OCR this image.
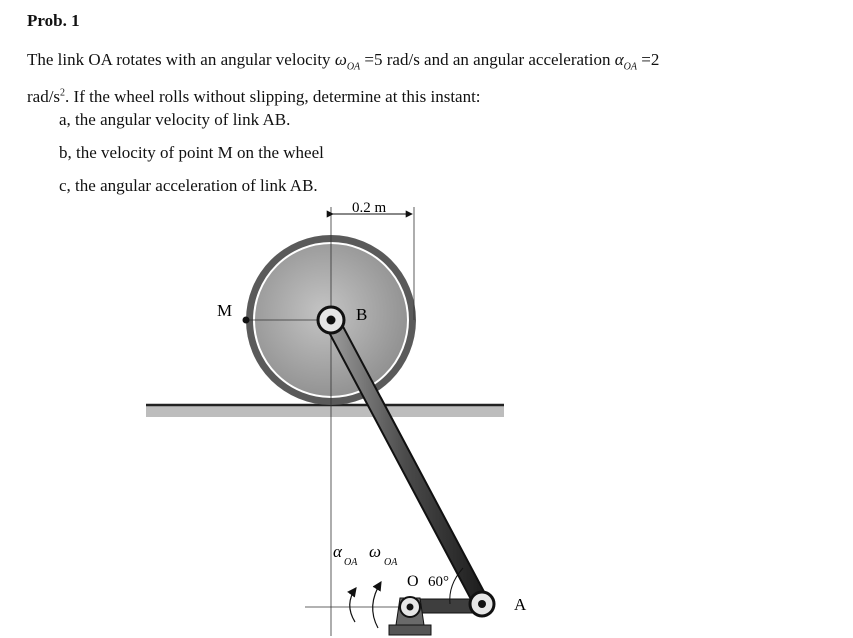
Prob. 1
The link OA rotates with an angular velocity $\omega_{OA} =5$ rad/s and an angular acceleration $\alpha_{OA} =2$
rad/$s^2$. If the wheel rolls without slipping, determine at this instant:
a, the angular velocity of link AB.
b, the velocity of point M on the wheel
c, the angular acceleration of link AB.
0.2 m
M	B
O 60°
A
α
OA
ω
OA
